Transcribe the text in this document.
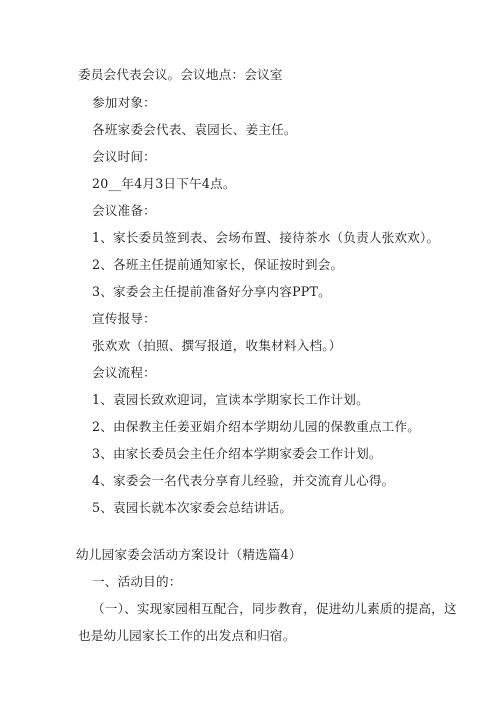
委员会代表会议。会议地点：会议室
参加对象：
各班家委会代表、袁园长、姜主任。
会议时间：
20__年4月3日下午4点。
会议准备：
1、家长委员签到表、会场布置、接待茶水（负责人张欢欢）。
2、各班主任提前通知家长，保证按时到会。
3、家委会主任提前准备好分享内容PPT。
宣传报导：
张欢欢（拍照、撰写报道，收集材料入档。）
会议流程：
1、袁园长致欢迎词，宣读本学期家长工作计划。
2、由保教主任姜亚娟介绍本学期幼儿园的保教重点工作。
3、由家长委员会主任介绍本学期家委会工作计划。
4、家委会一名代表分享育儿经验，并交流育儿心得。
5、袁园长就本次家委会总结讲话。
幼儿园家委会活动方案设计（精选篇4）
一、活动目的：
（一）、实现家园相互配合，同步教育，促进幼儿素质的提高，这
也是幼儿园家长工作的出发点和归宿。
